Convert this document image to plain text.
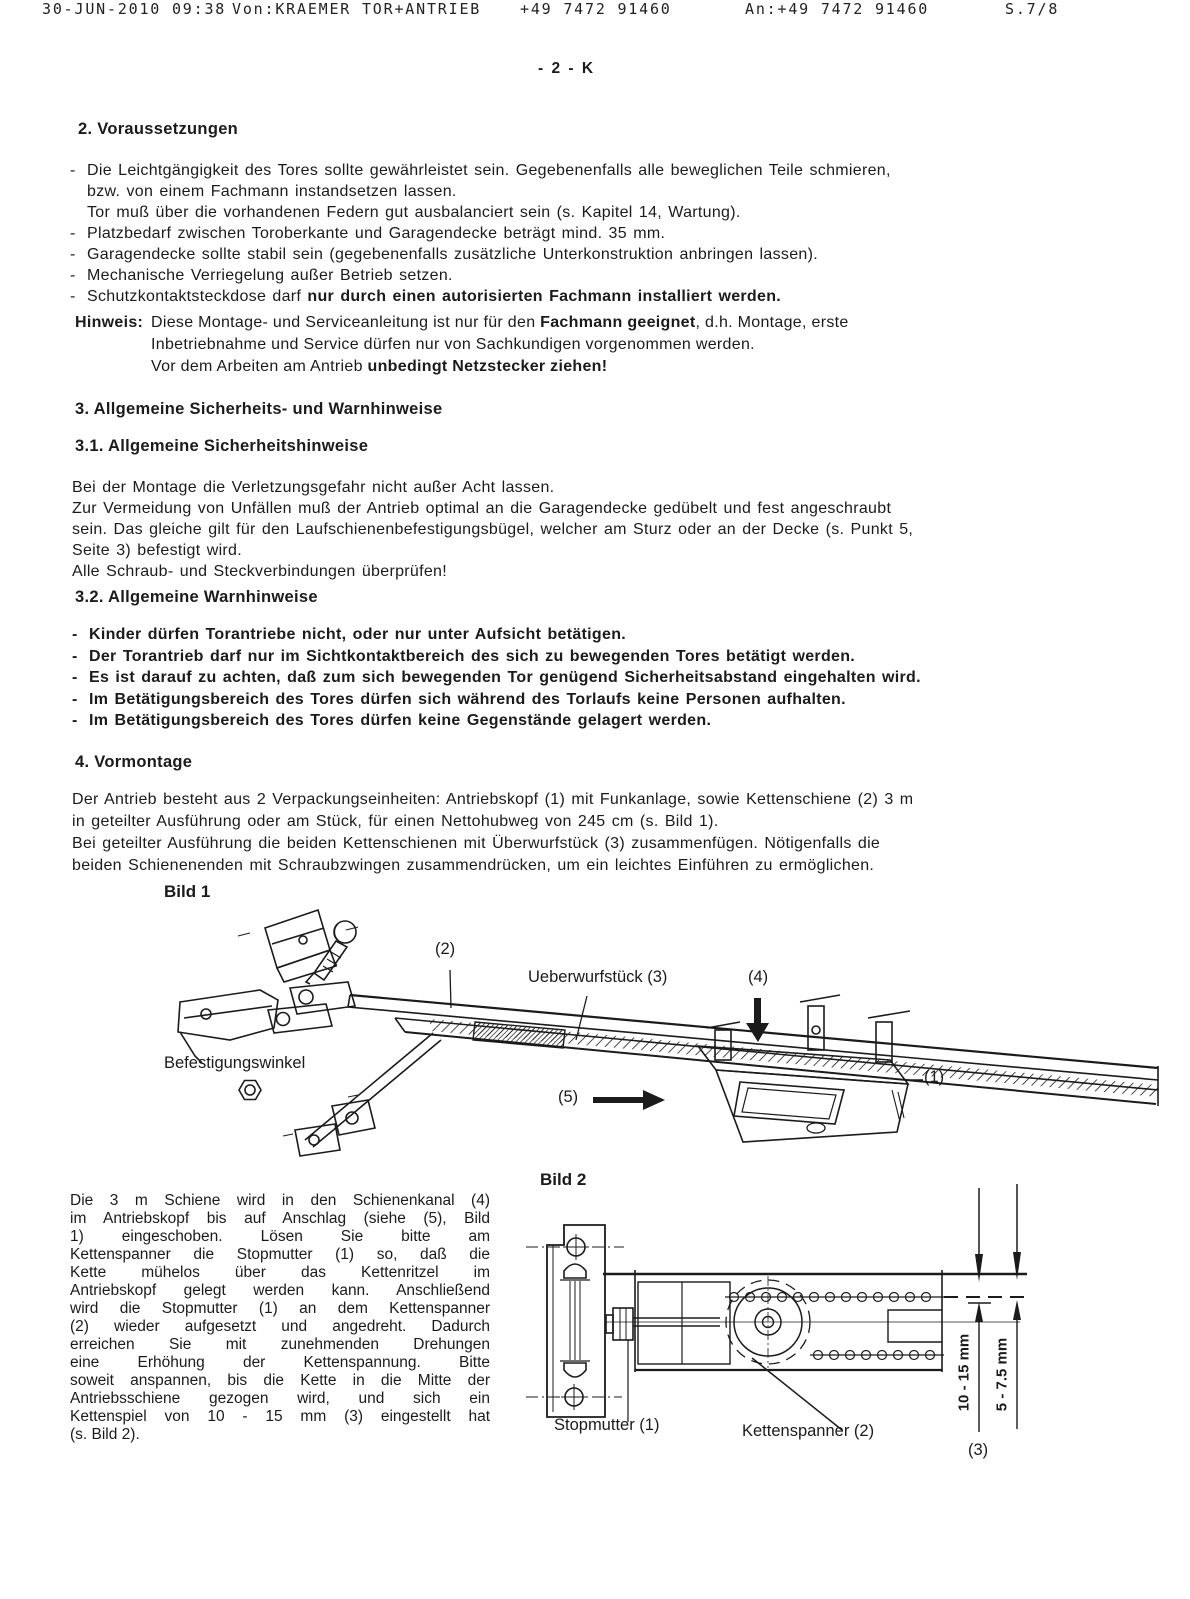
30-JUN-2010 09:38 Von:KRAEMER TOR+ANTRIEB	+49 7472 91460	An:+49 7472 91460	S.7/8
- 2 - K
2. Voraussetzungen
- Die Leichtgängigkeit des Tores sollte gewährleistet sein. Gegebenenfalls alle beweglichen Teile schmieren,
bzw. von einem Fachmann instandsetzen lassen.
Tor muß über die vorhandenen Federn gut ausbalanciert sein (s. Kapitel 14, Wartung).
- Platzbedarf zwischen Toroberkante und Garagendecke beträgt mind. 35 mm.
- Garagendecke sollte stabil sein (gegebenenfalls zusätzliche Unterkonstruktion anbringen lassen).
- Mechanische Verriegelung außer Betrieb setzen.
- Schutzkontaktsteckdose darf nur durch einen autorisierten Fachmann installiert werden.
Hinweis: Diese Montage- und Serviceanleitung ist nur für den Fachmann geeignet, d.h. Montage, erste
Inbetriebnahme und Service dürfen nur von Sachkundigen vorgenommen werden.
Vor dem Arbeiten am Antrieb unbedingt Netzstecker ziehen!
3. Allgemeine Sicherheits- und Warnhinweise
3.1. Allgemeine Sicherheitshinweise
Bei der Montage die Verletzungsgefahr nicht außer Acht lassen.
Zur Vermeidung von Unfällen muß der Antrieb optimal an die Garagendecke gedübelt und fest angeschraubt
sein. Das gleiche gilt für den Laufschienenbefestigungsbügel, welcher am Sturz oder an der Decke (s. Punkt 5,
Seite 3) befestigt wird.
Alle Schraub- und Steckverbindungen überprüfen!
3.2. Allgemeine Warnhinweise
- Kinder dürfen Torantriebe nicht, oder nur unter Aufsicht betätigen.
- Der Torantrieb darf nur im Sichtkontaktbereich des sich zu bewegenden Tores betätigt werden.
- Es ist darauf zu achten, daß zum sich bewegenden Tor genügend Sicherheitsabstand eingehalten wird.
- Im Betätigungsbereich des Tores dürfen sich während des Torlaufs keine Personen aufhalten.
- Im Betätigungsbereich des Tores dürfen keine Gegenstände gelagert werden.
4. Vormontage
Der Antrieb besteht aus 2 Verpackungseinheiten: Antriebskopf (1) mit Funkanlage, sowie Kettenschiene (2) 3 m
in geteilter Ausführung oder am Stück, für einen Nettohubweg von 245 cm (s. Bild 1).
Bei geteilter Ausführung die beiden Kettenschienen mit Überwurfstück (3) zusammenfügen. Nötigenfalls die
beiden Schienenenden mit Schraubzwingen zusammendrücken, um ein leichtes Einführen zu ermöglichen.
Bild 1
(2)
Ueberwurfstück (3)	(4)
Befestigungswinkel
(5)
(1)
Die 3 m Schiene wird in den Schienenkanal (4)
im Antriebskopf bis auf Anschlag (siehe (5), Bild
1) eingeschoben. Lösen Sie bitte am
Kettenspanner die Stopmutter (1) so, daß die
Kette mühelos über das Kettenritzel im
Antriebskopf gelegt werden kann. Anschließend
wird die Stopmutter (1) an dem Kettenspanner
(2) wieder aufgesetzt und angedreht. Dadurch
erreichen Sie mit zunehmenden Drehungen
eine Erhöhung der Kettenspannung. Bitte
soweit anspannen, bis die Kette in die Mitte der
Antriebsschiene gezogen wird, und sich ein
Kettenspiel von 10 - 15 mm (3) eingestellt hat
(s. Bild 2).
Bild 2
Stopmutter (1)	Kettenspanner (2)
(3)
10 - 15 mm 5 - 7.5 mm
